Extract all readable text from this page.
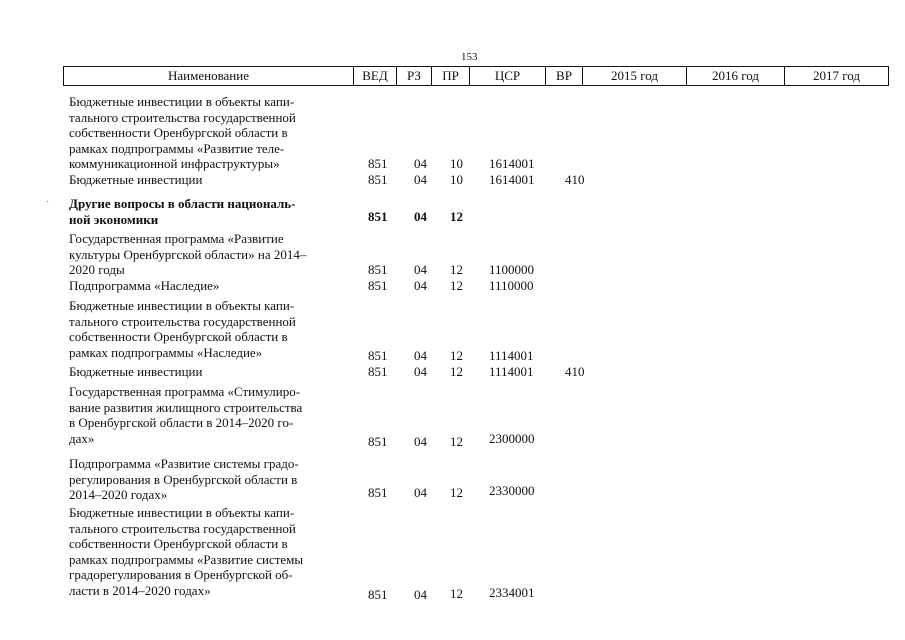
153
Наименование	ВЕД	РЗ	ПР	ЦСР	ВР	2015 год	2016 год	2017 год
·
Бюджетные инвестиции в объекты капи-
тального строительства государственной
собственности Оренбургской области в
рамках подпрограммы «Развитие теле-
коммуникационной инфраструктуры»	851 04 10 1614001
Бюджетные инвестиции	851 04 10 1614001 410
Другие вопросы в области националь-
ной экономики	851 04 12
Государственная программа «Развитие
культуры Оренбургской области» на 2014–
2020 годы	851 04 12 1100000
Подпрограмма «Наследие»	851 04 12 1110000
Бюджетные инвестиции в объекты капи-
тального строительства государственной
собственности Оренбургской области в
рамках подпрограммы «Наследие»	851 04 12 1114001
Бюджетные инвестиции	851 04 12 1114001 410
Государственная программа «Стимулиро-
вание развития жилищного строительства
в Оренбургской области в 2014–2020 го-
дах»	851 04 12 2300000
Подпрограмма «Развитие системы градо-
регулирования в Оренбургской области в
2014–2020 годах»	851 04 12 2330000
Бюджетные инвестиции в объекты капи-
тального строительства государственной
собственности Оренбургской области в
рамках подпрограммы «Развитие системы
градорегулирования в Оренбургской об-
ласти в 2014–2020 годах»	851 04 12 2334001
